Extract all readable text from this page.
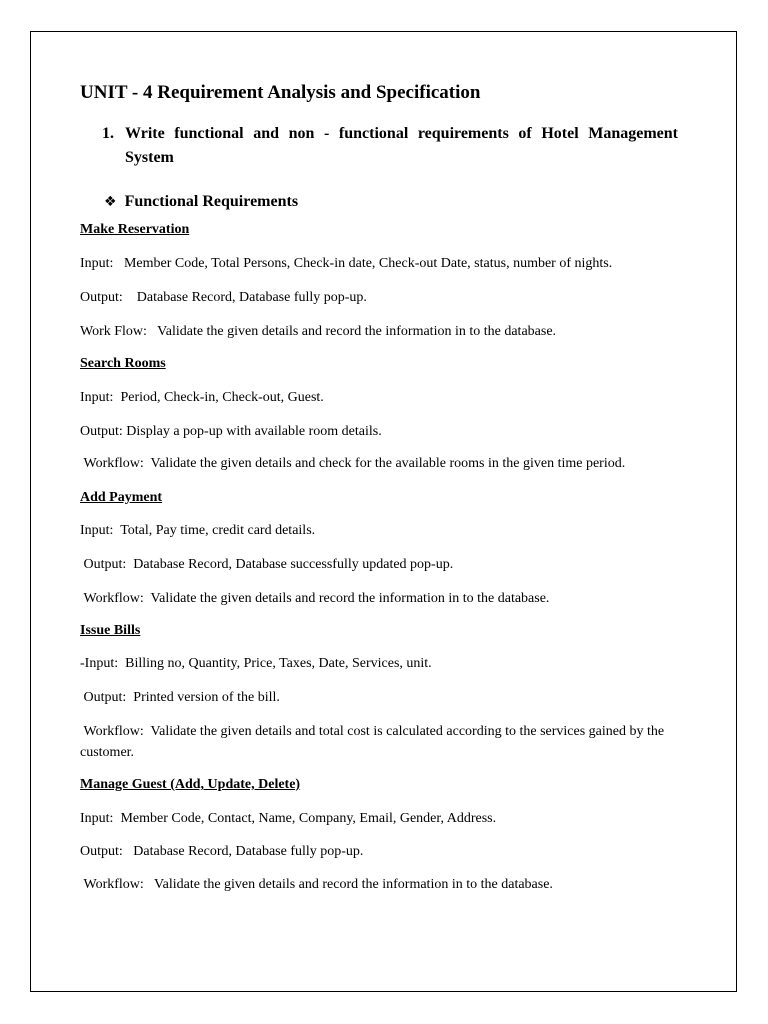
UNIT - 4 Requirement Analysis and Specification
1. Write functional and non - functional requirements of Hotel Management System
❖ Functional Requirements

Make Reservation

Input:   Member Code, Total Persons, Check-in date, Check-out Date, status, number of nights.

Output:    Database Record, Database fully pop-up.

Work Flow:   Validate the given details and record the information in to the database.

Search Rooms

Input:  Period, Check-in, Check-out, Guest.

Output: Display a pop-up with available room details.

Workflow:  Validate the given details and check for the available rooms in the given time period.

Add Payment

Input:  Total, Pay time, credit card details.

Output:  Database Record, Database successfully updated pop-up.

Workflow:  Validate the given details and record the information in to the database.

Issue Bills

-Input:  Billing no, Quantity, Price, Taxes, Date, Services, unit.

Output:  Printed version of the bill.

Workflow:  Validate the given details and total cost is calculated according to the services gained by the customer.

Manage Guest (Add, Update, Delete)

Input:  Member Code, Contact, Name, Company, Email, Gender, Address.

Output:   Database Record, Database fully pop-up.

Workflow:   Validate the given details and record the information in to the database.
